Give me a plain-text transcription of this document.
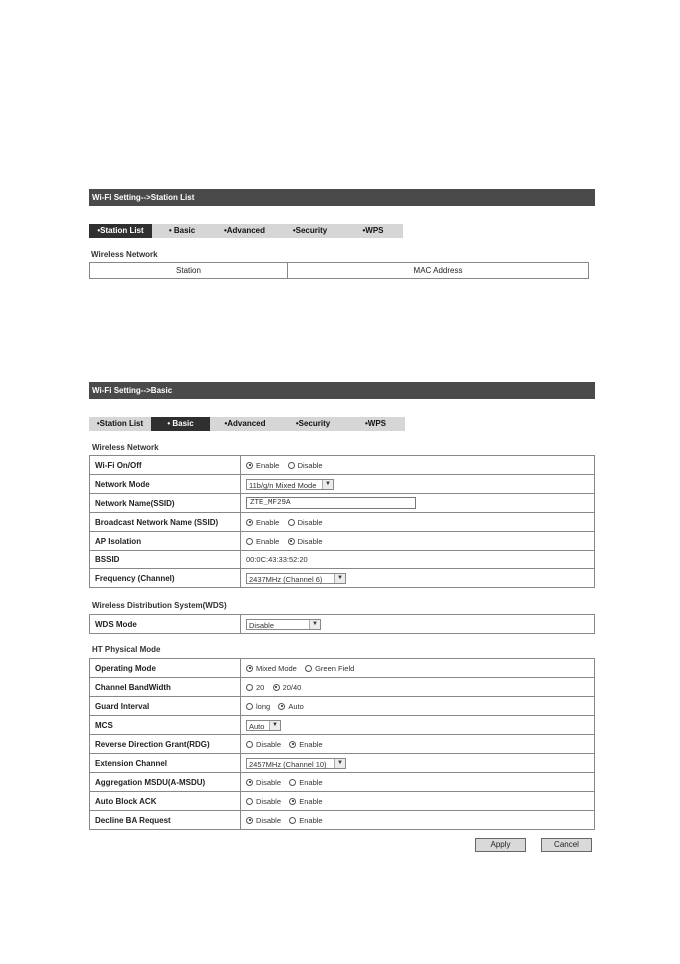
Wi-Fi Setting-->Station List
•Station List	• Basic	•Advanced	•Security	•WPS
Wireless Network
Station	MAC Address
Wi-Fi Setting-->Basic
•Station List	• Basic	•Advanced	•Security	•WPS
Wireless Network
Wi-Fi On/Off	Enable Disable
Network Mode	11b/g/n Mixed Mode ▼

Network Name(SSID)	ZTE_MF29A
Broadcast Network Name (SSID)	Enable Disable
AP Isolation	Enable Disable
BSSID	00:0C:43:33:52:20
Frequency (Channel)	2437MHz (Channel 6) ▼
Wireless Distribution System(WDS)
WDS Mode	Disable	▼
HT Physical Mode
Operating Mode	Mixed Mode Green Field
Channel BandWidth	20 20/40
Guard Interval	long Auto
MCS	Auto ▼

Reverse Direction Grant(RDG)	Disable Enable
Extension Channel	2457MHz (Channel 10) ▼

Aggregation MSDU(A-MSDU)	Disable Enable
Auto Block ACK	Disable Enable
Decline BA Request	Disable Enable
Apply	Cancel
